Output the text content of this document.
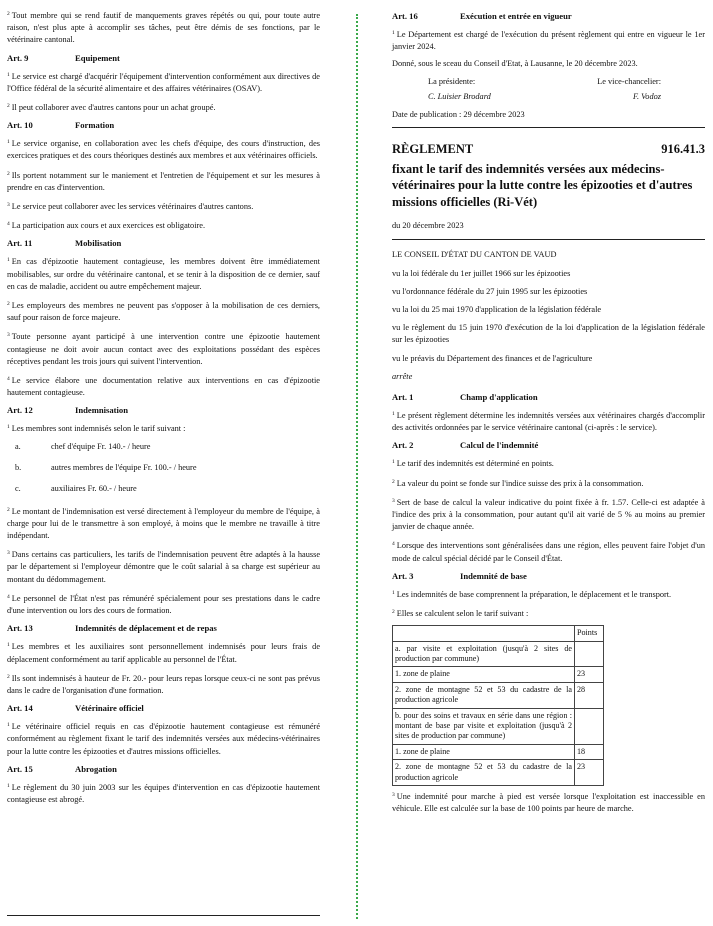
$^2$ Tout membre qui se rend fautif de manquements graves répétés ou qui, pour toute autre raison, n'est plus apte à accomplir ses tâches, peut être démis de ses fonctions, par le vétérinaire cantonal.

Art. 9	Equipement

$^1$ Le service est chargé d'acquérir l'équipement d'intervention conformément aux directives de l'Office fédéral de la sécurité alimentaire et des affaires vétérinaires (OSAV).

$^2$ Il peut collaborer avec d'autres cantons pour un achat groupé.

Art. 10	Formation

$^1$ Le service organise, en collaboration avec les chefs d'équipe, des cours d'instruction, des exercices pratiques et des cours théoriques destinés aux membres et aux vétérinaires officiels.

$^2$ Ils portent notamment sur le maniement et l'entretien de l'équipement et sur les mesures à prendre en cas d'intervention.

$^3$ Le service peut collaborer avec les services vétérinaires d'autres cantons.

$^4$ La participation aux cours et aux exercices est obligatoire.

Art. 11	Mobilisation

$^1$ En cas d'épizootie hautement contagieuse, les membres doivent être immédiatement mobilisables, sur ordre du vétérinaire cantonal, et se tenir à la disposition de ce dernier, sauf en cas de maladie, accident ou autre empêchement majeur.

$^2$ Les employeurs des membres ne peuvent pas s'opposer à la mobilisation de ces derniers, sauf pour raison de force majeure.

$^3$ Toute personne ayant participé à une intervention contre une épizootie hautement contagieuse ne doit avoir aucun contact avec des exploitations possédant des espèces réceptives pendant les trois jours qui suivent l'intervention.

$^4$ Le service élabore une documentation relative aux interventions en cas d'épizootie hautement contagieuse.

Art. 12	Indemnisation

$^1$ Les membres sont indemnisés selon le tarif suivant :

a.	chef d'équipe Fr. 140.- / heure
b.	autres membres de l'équipe Fr. 100.- / heure
c.	auxiliaires Fr. 60.- / heure

$^2$ Le montant de l'indemnisation est versé directement à l'employeur du membre de l'équipe, à charge pour lui de le transmettre à son employé, à moins que le membre ne travaille à titre indépendant.

$^3$ Dans certains cas particuliers, les tarifs de l'indemnisation peuvent être adaptés à la hausse par le département si l'employeur démontre que le coût salarial à sa charge est supérieur au montant du dédommagement.

$^4$ Le personnel de l'État n'est pas rémunéré spécialement pour ses prestations dans le cadre d'une intervention ou lors des cours de formation.

Art. 13	Indemnités de déplacement et de repas

$^1$ Les membres et les auxiliaires sont personnellement indemnisés pour leurs frais de déplacement conformément au tarif applicable au personnel de l'État.

$^2$ Ils sont indemnisés à hauteur de Fr. 20.- pour leurs repas lorsque ceux-ci ne sont pas prévus dans le cadre de l'organisation d'une formation.

Art. 14	Vétérinaire officiel

$^1$ Le vétérinaire officiel requis en cas d'épizootie hautement contagieuse est rémunéré conformément au règlement fixant le tarif des indemnités versées aux médecins-vétérinaires pour la lutte contre les épizooties et d'autres missions officielles.

Art. 15	Abrogation

$^1$ Le règlement du 30 juin 2003 sur les équipes d'intervention en cas d'épizootie hautement contagieuse est abrogé.

Art. 16	Exécution et entrée en vigueur

$^1$ Le Département est chargé de l'exécution du présent règlement qui entre en vigueur le 1er janvier 2024.

Donné, sous le sceau du Conseil d'Etat, à Lausanne, le 20 décembre 2023.

La présidente:	Le vice-chancelier:
C. Luisier Brodard	F. Vodoz

Date de publication : 29 décembre 2023

RÈGLEMENT	916.41.3
fixant le tarif des indemnités versées aux médecins-vétérinaires pour la lutte contre les épizooties et d'autres missions officielles (Ri-Vét)
du 20 décembre 2023

LE CONSEIL D'ÉTAT DU CANTON DE VAUD

vu la loi fédérale du 1er juillet 1966 sur les épizooties

vu l'ordonnance fédérale du 27 juin 1995 sur les épizooties

vu la loi du 25 mai 1970 d'application de la législation fédérale

vu le règlement du 15 juin 1970 d'exécution de la loi d'application de la législation fédérale sur les épizooties

vu le préavis du Département des finances et de l'agriculture

arrête

Art. 1	Champ d'application

$^1$ Le présent règlement détermine les indemnités versées aux vétérinaires chargés d'accomplir des activités ordonnées par le service vétérinaire cantonal (ci-après : le service).

Art. 2	Calcul de l'indemnité

$^1$ Le tarif des indemnités est déterminé en points.

$^2$ La valeur du point se fonde sur l'indice suisse des prix à la consommation.

$^3$ Sert de base de calcul la valeur indicative du point fixée à fr. 1.57. Celle-ci est adaptée à l'indice des prix à la consommation, pour autant qu'il ait varié de 5 % au moins au premier janvier de chaque année.

$^4$ Lorsque des interventions sont généralisées dans une région, elles peuvent faire l'objet d'un mode de calcul spécial décidé par le Conseil d'État.

Art. 3	Indemnité de base

$^1$ Les indemnités de base comprennent la préparation, le déplacement et le transport.

$^2$ Elles se calculent selon le tarif suivant :

	Points
a. par visite et exploitation (jusqu'à 2 sites de production par commune)	
1. zone de plaine	23
2. zone de montagne 52 et 53 du cadastre de la production agricole	28
b. pour des soins et travaux en série dans une région : montant de base par visite et exploitation (jusqu'à 2 sites de production par commune)	
1. zone de plaine	18
2. zone de montagne 52 et 53 du cadastre de la production agricole	23

$^3$ Une indemnité pour marche à pied est versée lorsque l'exploitation est inaccessible en véhicule. Elle est calculée sur la base de 100 points par heure de marche.
